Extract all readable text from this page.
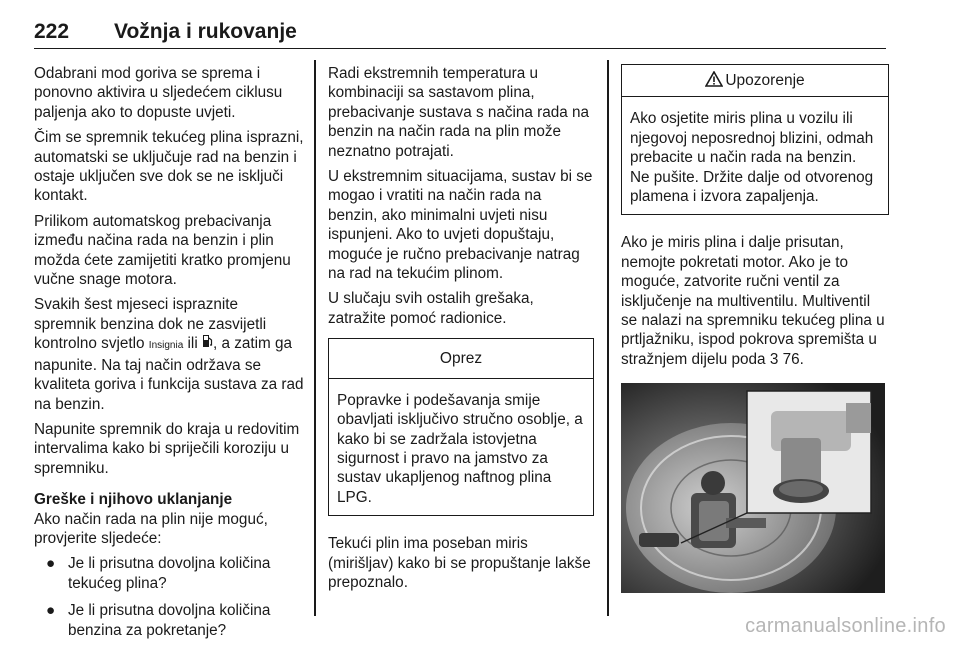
222 Vožnja i rukovanje

Odabrani mod goriva se sprema i ponovno aktivira u sljedećem ciklusu paljenja ako to dopuste uvjeti.

Čim se spremnik tekućeg plina isprazni, automatski se uključuje rad na benzin i ostaje uključen sve dok se ne isključi kontakt.

Prilikom automatskog prebacivanja između načina rada na benzin i plin možda ćete zamijetiti kratko promjenu vučne snage motora.

Svakih šest mjeseci ispraznite spremnik benzina dok ne zasvijetli kontrolno svjetlo Insignia ili , a zatim ga napunite. Na taj način održava se kvaliteta goriva i funkcija sustava za rad na benzin.

Napunite spremnik do kraja u redovitim intervalima kako bi spriječili koroziju u spremniku.

Greške i njihovo uklanjanje

Ako način rada na plin nije moguć, provjerite sljedeće:

● Je li prisutna dovoljna količina tekućeg plina?
● Je li prisutna dovoljna količina benzina za pokretanje?

Radi ekstremnih temperatura u kombinaciji sa sastavom plina, prebacivanje sustava s načina rada na benzin na način rada na plin može neznatno potrajati.

U ekstremnim situacijama, sustav bi se mogao i vratiti na način rada na benzin, ako minimalni uvjeti nisu ispunjeni. Ako to uvjeti dopuštaju, moguće je ručno prebacivanje natrag na rad na tekućim plinom.

U slučaju svih ostalih grešaka, zatražite pomoć radionice.

Oprez

Popravke i podešavanja smije obavljati isključivo stručno osoblje, a kako bi se zadržala istovjetna sigurnost i pravo na jamstvo za sustav ukapljenog naftnog plina LPG.

Tekući plin ima poseban miris (mirišljav) kako bi se propuštanje lakše prepoznalo.

Upozorenje

Ako osjetite miris plina u vozilu ili njegovoj neposrednoj blizini, odmah prebacite u način rada na benzin. Ne pušite. Držite dalje od otvorenog plamena i izvora zapaljenja.

Ako je miris plina i dalje prisutan, nemojte pokretati motor. Ako je to moguće, zatvorite ručni ventil za isključenje na multiventilu. Multiventil se nalazi na spremniku tekućeg plina u prtljažniku, ispod pokrova spremišta u stražnjem dijelu poda 3 76.

carmanualsonline.info
